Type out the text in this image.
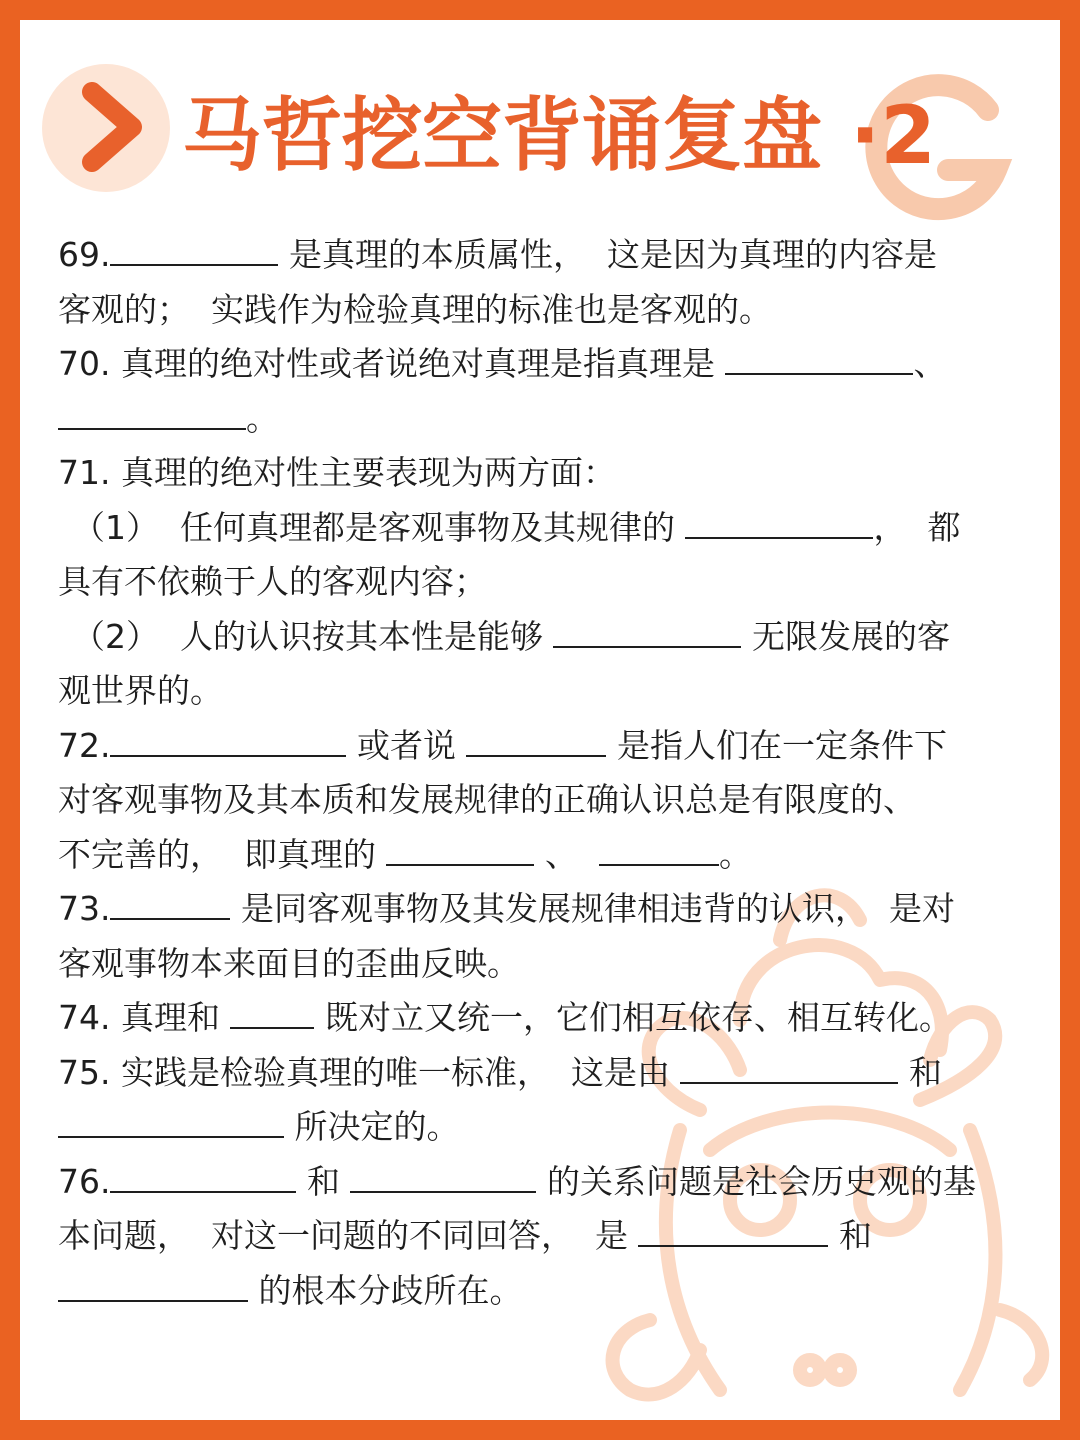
马哲挖空背诵复盘 ·2

69.	是真理的本质属性，  这是因为真理的内容是

客观的；  实践作为检验真理的标准也是客观的。

70. 真理的绝对性或者说绝对真理是指真理是	、

。

71. 真理的绝对性主要表现为两方面：

（1）  任何真理都是客观事物及其规律的	，  都

具有不依赖于人的客观内容；

（2）  人的认识按其本性是能够	无限发展的客

观世界的。

72.	或者说	是指人们在一定条件下

对客观事物及其本质和发展规律的正确认识总是有限度的、

不完善的，  即真理的	、	。

73.	是同客观事物及其发展规律相违背的认识，  是对

客观事物本来面目的歪曲反映。

74. 真理和	既对立又统一，它们相互依存、相互转化。

75. 实践是检验真理的唯一标准，  这是由	和

所决定的。

76.	和	的关系问题是社会历史观的基

本问题，  对这一问题的不同回答，  是	和

的根本分歧所在。
